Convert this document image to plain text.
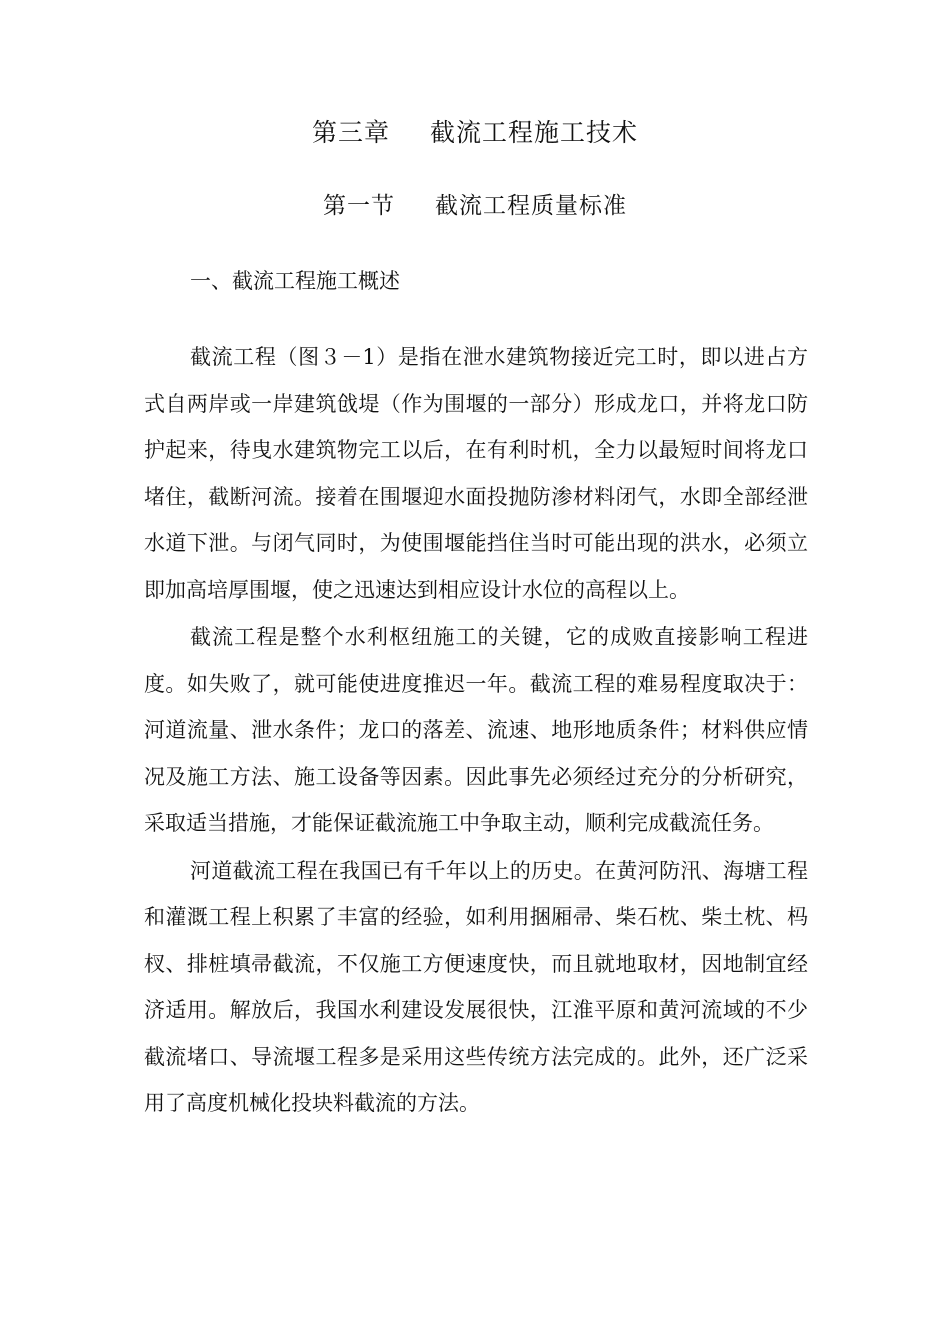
第三章 截流工程施工技术
第一节 截流工程质量标准
一、截流工程施工概述

截流工程（图３－1）是指在泄水建筑物接近完工时，即以进占方式自两岸或一岸建筑戗堤（作为围堰的一部分）形成龙口，并将龙口防护起来，待曳水建筑物完工以后，在有利时机，全力以最短时间将龙口堵住，截断河流。接着在围堰迎水面投抛防渗材料闭气，水即全部经泄水道下泄。与闭气同时，为使围堰能挡住当时可能出现的洪水，必须立即加高培厚围堰，使之迅速达到相应设计水位的高程以上。

截流工程是整个水利枢纽施工的关键，它的成败直接影响工程进度。如失败了，就可能使进度推迟一年。截流工程的难易程度取决于：河道流量、泄水条件；龙口的落差、流速、地形地质条件；材料供应情况及施工方法、施工设备等因素。因此事先必须经过充分的分析研究，采取适当措施，才能保证截流施工中争取主动，顺利完成截流任务。

河道截流工程在我国已有千年以上的历史。在黄河防汛、海塘工程和灌溉工程上积累了丰富的经验，如利用捆厢帚、柴石枕、柴土枕、杩杈、排桩填帚截流，不仅施工方便速度快，而且就地取材，因地制宜经济适用。解放后，我国水利建设发展很快，江淮平原和黄河流域的不少截流堵口、导流堰工程多是采用这些传统方法完成的。此外，还广泛采用了高度机械化投块料截流的方法。
